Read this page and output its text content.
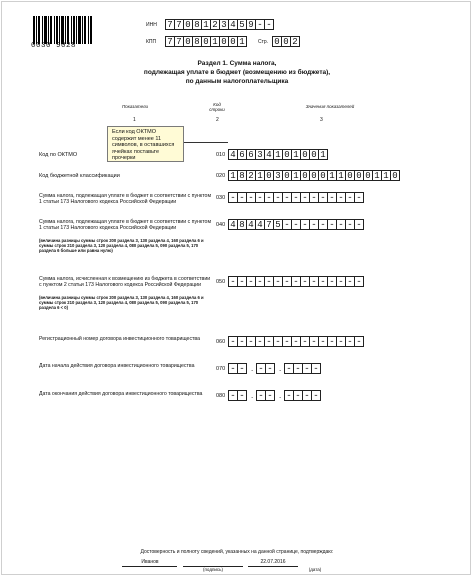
0030 9028
ИНН 7 7 0 8 1 2 3 4 5 9 - -
КПП 7 7 0 8 0 1 0 0 1	Стр. 0 0 2
Раздел 1. Сумма налога,
подлежащая уплате в бюджет (возмещению из бюджета),
по данным налогоплательщика
Показатели	Код строки
Значения показателей
1	2	3
Если код ОКТМО содержит менее 11 символов, в оставшихся ячейках поставьте прочерки
Код по ОКТМО	010 4 6 6 3 4 1 0 1 0 0 1
Код бюджетной классификации	020 1 8 2 1 0 3 0 1 0 0 0 1 1 0 0 0 1 1 0
Сумма налога, подлежащая уплате в бюджет в соответствии с пунктом 1 статьи 173 Налогового кодекса Российской Федерации
030 - - - - - - - - - - - - - - -
Сумма налога, подлежащая уплате в бюджет в соответствии с пунктом 1 статьи 173 Налогового кодекса Российской Федерации
(величина разницы суммы строк 200 раздела 3, 130 раздела 4, 160 раздела 6 и суммы строк 210 раздела 3, 120 раздела 4, 080 раздела 5, 090 раздела 5, 170 раздела 6 больше или равна нулю)
040 4 8 4 4 7 5 - - - - - - - - -
Сумма налога, исчисленная к возмещению из бюджета в соответствии с пунктом 2 статьи 173 Налогового кодекса Российской Федерации
(величина разницы суммы строк 200 раздела 3, 130 раздела 4, 160 раздела 6 и суммы строк 210 раздела 3, 120 раздела 4, 080 раздела 5, 090 раздела 5, 170 раздела 6 < 0)
050 - - - - - - - - - - - - - - -
Регистрационный номер договора инвестиционного товарищества	060 - - - - - - - - - - - - - - -
Дата начала действия договора инвестиционного товарищества	070 - - . - - . - - - -
Дата окончания действия договора инвестиционного товарищества	080 - - . - - . - - - -
Достоверность и полноту сведений, указанных на данной странице, подтверждаю:
Иванов
(подпись)
22.07.2016
(дата)
